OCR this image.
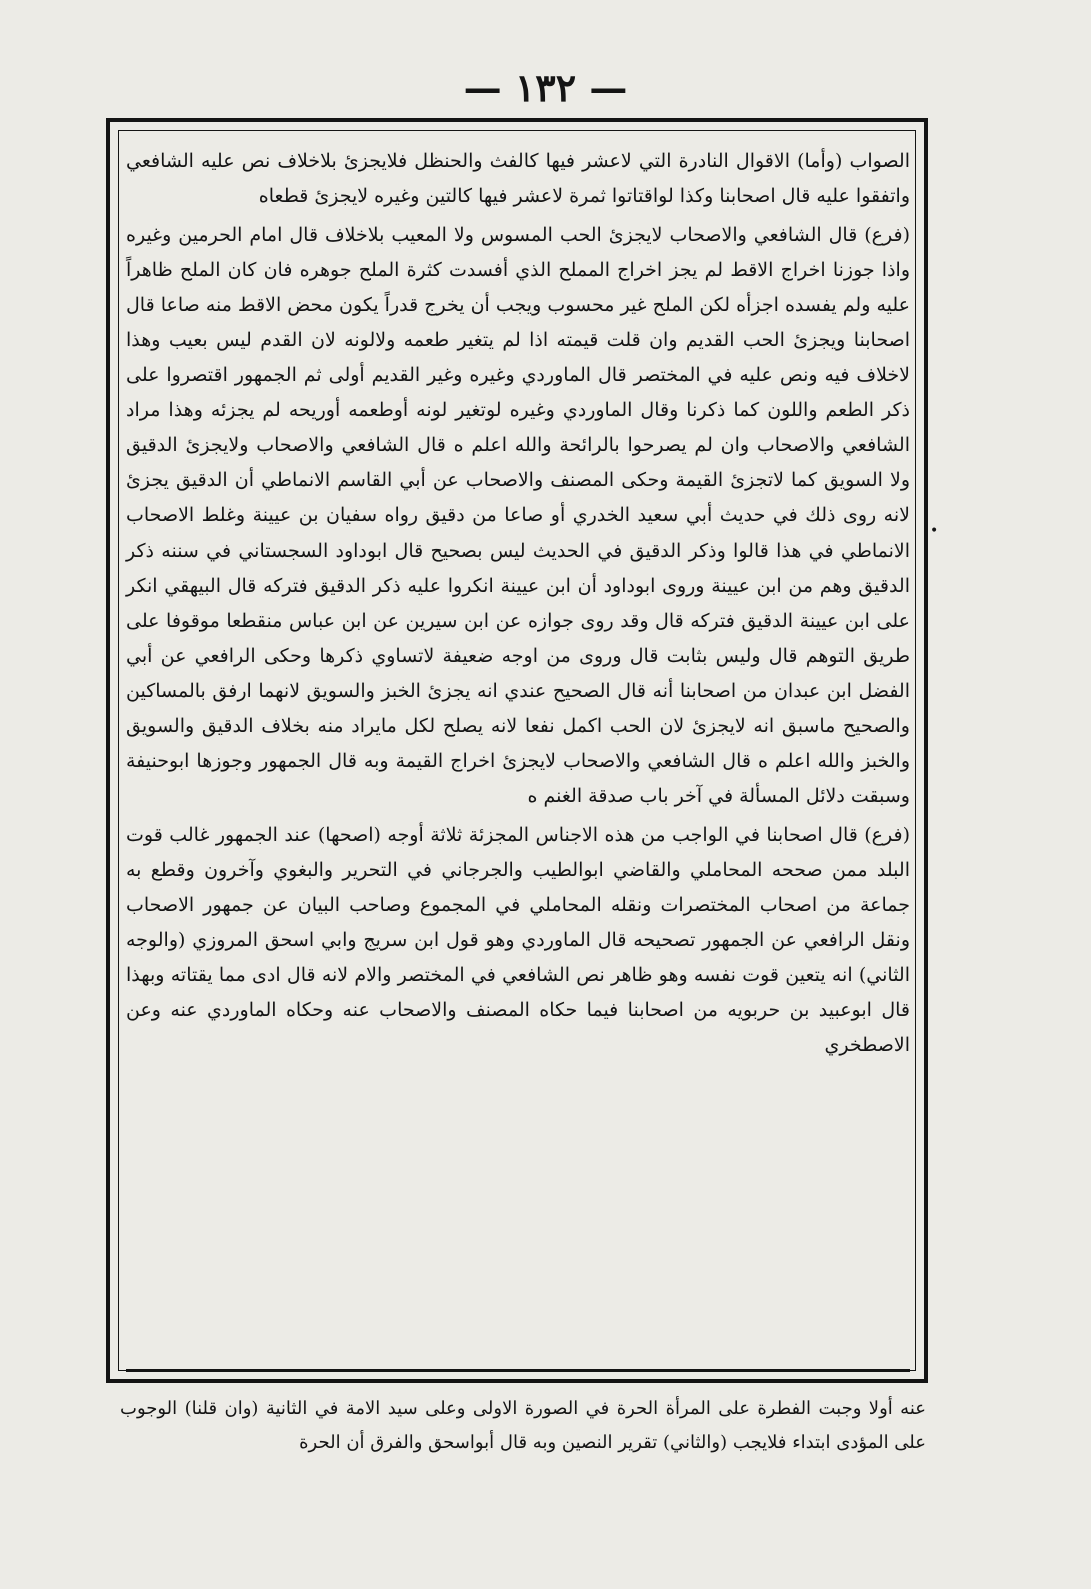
— ١٣٢ —

الصواب (وأما) الاقوال النادرة التي لاعشر فيها كالفث والحنظل فلايجزئ بلاخلاف نص عليه الشافعي واتفقوا عليه قال اصحابنا وكذا لواقتاتوا ثمرة لاعشر فيها كالتين وغيره لايجزئ قطعاه

(فرع) قال الشافعي والاصحاب لايجزئ الحب المسوس ولا المعيب بلاخلاف قال امام الحرمين وغيره واذا جوزنا اخراج الاقط لم يجز اخراج المملح الذي أفسدت كثرة الملح جوهره فان كان الملح ظاهراً عليه ولم يفسده اجزأه لكن الملح غير محسوب ويجب أن يخرج قدراً يكون محض الاقط منه صاعا قال اصحابنا ويجزئ الحب القديم وان قلت قيمته اذا لم يتغير طعمه ولالونه لان القدم ليس بعيب وهذا لاخلاف فيه ونص عليه في المختصر قال الماوردي وغيره وغير القديم أولى ثم الجمهور اقتصروا على ذكر الطعم واللون كما ذكرنا وقال الماوردي وغيره لوتغير لونه أوطعمه أوريحه لم يجزئه وهذا مراد الشافعي والاصحاب وان لم يصرحوا بالرائحة والله اعلم ه قال الشافعي والاصحاب ولايجزئ الدقيق ولا السويق كما لاتجزئ القيمة وحكى المصنف والاصحاب عن أبي القاسم الانماطي أن الدقيق يجزئ لانه روى ذلك في حديث أبي سعيد الخدري أو صاعا من دقيق رواه سفيان بن عيينة وغلط الاصحاب الانماطي في هذا قالوا وذكر الدقيق في الحديث ليس بصحيح قال ابوداود السجستاني في سننه ذكر الدقيق وهم من ابن عيينة وروى ابوداود أن ابن عيينة انكروا عليه ذكر الدقيق فتركه قال البيهقي انكر على ابن عيينة الدقيق فتركه قال وقد روى جوازه عن ابن سيرين عن ابن عباس منقطعا موقوفا على طريق التوهم قال وليس بثابت قال وروى من اوجه ضعيفة لاتساوي ذكرها وحكى الرافعي عن أبي الفضل ابن عبدان من اصحابنا أنه قال الصحيح عندي انه يجزئ الخبز والسويق لانهما ارفق بالمساكين والصحيح ماسبق انه لايجزئ لان الحب اكمل نفعا لانه يصلح لكل مايراد منه بخلاف الدقيق والسويق والخبز والله اعلم ه قال الشافعي والاصحاب لايجزئ اخراج القيمة وبه قال الجمهور وجوزها ابوحنيفة وسبقت دلائل المسألة في آخر باب صدقة الغنم ه

(فرع) قال اصحابنا في الواجب من هذه الاجناس المجزئة ثلاثة أوجه (اصحها) عند الجمهور غالب قوت البلد ممن صححه المحاملي والقاضي ابوالطيب والجرجاني في التحرير والبغوي وآخرون وقطع به جماعة من اصحاب المختصرات ونقله المحاملي في المجموع وصاحب البيان عن جمهور الاصحاب ونقل الرافعي عن الجمهور تصحيحه قال الماوردي وهو قول ابن سريج وابي اسحق المروزي (والوجه الثاني) انه يتعين قوت نفسه وهو ظاهر نص الشافعي في المختصر والام لانه قال ادى مما يقتاته وبهذا قال ابوعبيد بن حربويه من اصحابنا فيما حكاه المصنف والاصحاب عنه وحكاه الماوردي عنه وعن الاصطخري

•

عنه أولا وجبت الفطرة على المرأة الحرة في الصورة الاولى وعلى سيد الامة في الثانية (وان قلنا) الوجوب على المؤدى ابتداء فلايجب (والثاني) تقرير النصين وبه قال أبواسحق والفرق أن الحرة
